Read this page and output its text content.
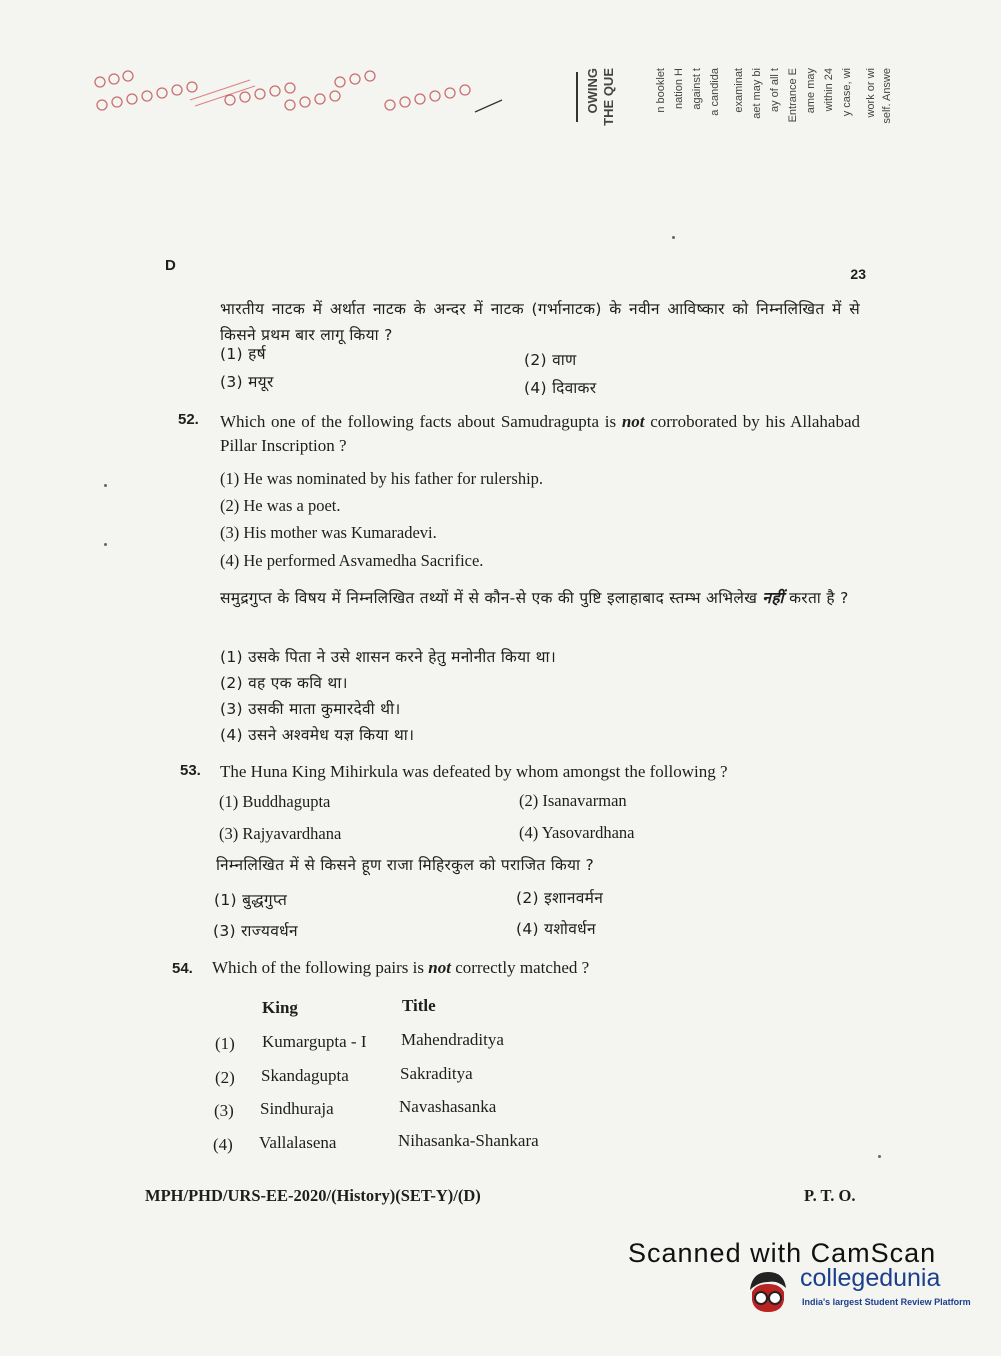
OWING THE QUE	n booklet nation H against t a candida examinat aet may bi ay of all t Entrance E ame may within 24 y case, wi work or wi self. Answe
D	23
भारतीय नाटक में अर्थात नाटक के अन्दर में नाटक (गर्भानाटक) के नवीन आविष्कार को निम्नलिखित में से किसने प्रथम बार लागू किया ?
(1) हर्ष	(2) वाण
(3) मयूर	(4) दिवाकर
52. Which one of the following facts about Samudragupta is not corroborated by his Allahabad Pillar Inscription ?
(1) He was nominated by his father for rulership.
(2) He was a poet.
(3) His mother was Kumaradevi.
(4) He performed Asvamedha Sacrifice.
समुद्रगुप्त के विषय में निम्नलिखित तथ्यों में से कौन-से एक की पुष्टि इलाहाबाद स्तम्भ अभिलेख नहीं करता है ?
(1) उसके पिता ने उसे शासन करने हेतु मनोनीत किया था।
(2) वह एक कवि था।
(3) उसकी माता कुमारदेवी थी।
(4) उसने अश्वमेध यज्ञ किया था।
53. The Huna King Mihirkula was defeated by whom amongst the following ?
(1) Buddhagupta	(2) Isanavarman
(3) Rajyavardhana	(4) Yasovardhana
निम्नलिखित में से किसने हूण राजा मिहिरकुल को पराजित किया ?
(1) बुद्धगुप्त	(2) इशानवर्मन
(3) राज्यवर्धन	(4) यशोवर्धन
54. Which of the following pairs is not correctly matched ?
King	Title
(1) Kumargupta - I Mahendraditya
(2) Skandagupta	Sakraditya
(3) Sindhuraja	Navashasanka
(4) Vallalasena	Nihasanka-Shankara
MPH/PHD/URS-EE-2020/(History)(SET-Y)/(D)	P. T. O.
Scanned with CamScan
collegedunia
India's largest Student Review Platform
